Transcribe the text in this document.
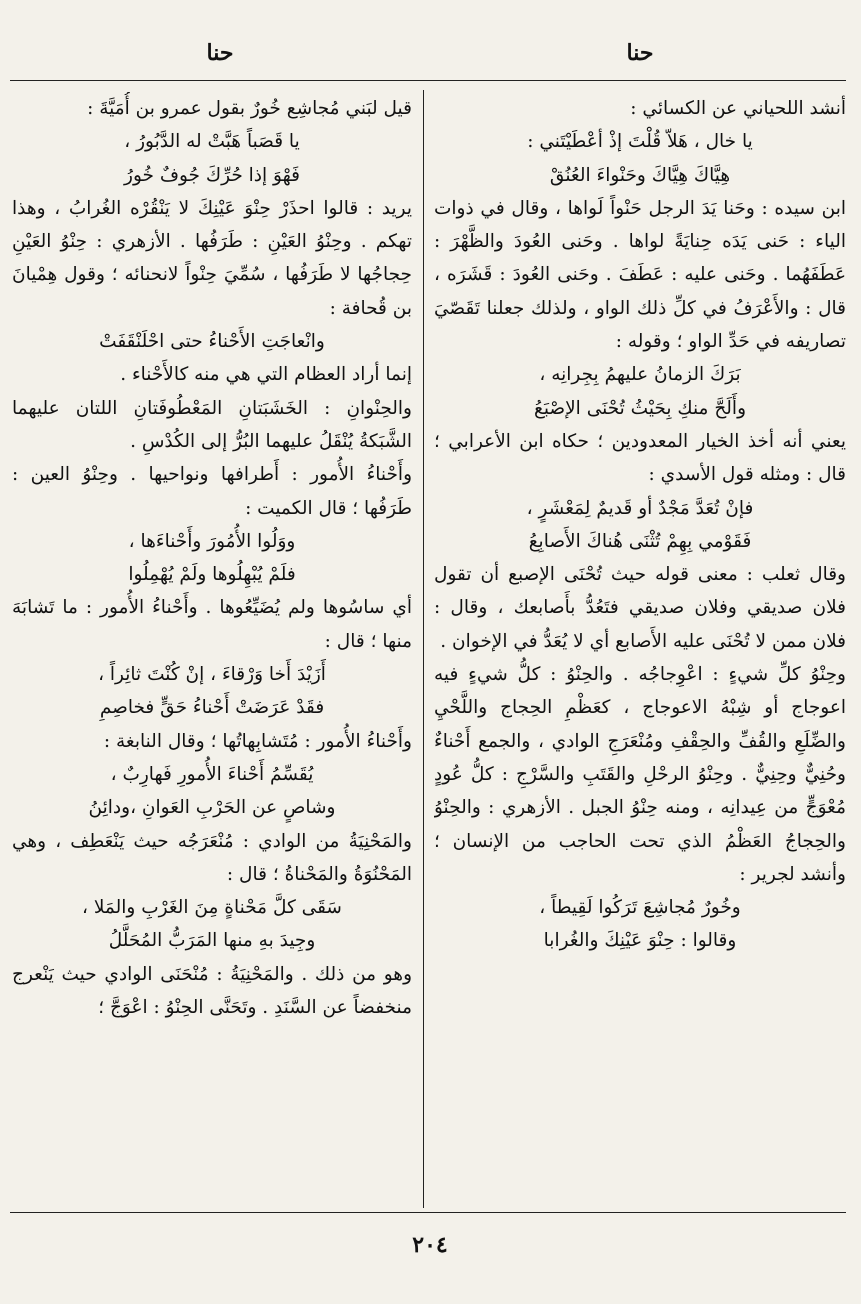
حنا
حنا

أنشد اللحياني عن الكسائي :

يا خال ، هَلاّ قُلْتَ إذْ أعْطَيْتَني :

هِيَّاكَ هِيَّاكَ وحَنْواءَ العُنُقْ

ابن سيده : وحَنا يَدَ الرجل حَنْواً لَواها ، وقال في ذوات الياء : حَنى يَدَه حِنايَةً لواها . وحَنى العُودَ والظَّهْرَ : عَطَفَهُما . وحَنى عليه : عَطَفَ . وحَنى العُودَ : قَشَرَه ، قال : والأَعْرَفُ في كلِّ ذلك الواو ، ولذلك جعلنا تَقَصّيَ تصاريفه في حَدِّ الواو ؛ وقوله :

بَرَكَ الزمانُ عليهمُ بِجِرانِه ،

وأَلَحَّ منكِ بِحَيْثُ تُحْنَى الإصْبَعُ

يعني أنه أخذ الخيار المعدودين ؛ حكاه ابن الأعرابي ؛ قال : ومثله قول الأسدي :

فإنْ تُعَدَّ مَجْدٌ أو قَديمٌ لِمَعْشَرٍ ،

فَقَوْمي بِهِمْ تُثْنَى هُناكَ الأَصابِعُ

وقال ثعلب : معنى قوله حيث تُحْنَى الإصبع أن تقول فلان صديقي وفلان صديقي فتَعُدُّ بأَصابعك ، وقال : فلان ممن لا تُحْنَى عليه الأَصابع أي لا يُعَدُّ في الإخوان .

وحِنْوُ كلِّ شيءٍ : اعْوِجاجُه . والحِنْوُ : كلُّ شيءٍ فيه اعوجاج أو شِبْهُ الاعوجاج ، كعَظْمِ الحِجاج واللَّحْيِ والضِّلَعِ والقُفِّ والحِقْفِ ومُنْعَرَجِ الوادي ، والجمع أَحْناءٌ وحُنِيٌّ وحِنِيٌّ . وحِنْوُ الرحْلِ والقَتَبِ والسَّرْجِ : كلُّ عُودٍ مُعْوَجٍّ من عِيدانِه ، ومنه حِنْوُ الجبل . الأزهري : والحِنْوُ والحِجاجُ العَظْمُ الذي تحت الحاجب من الإنسان ؛ وأنشد لجرير :

وخُورٌ مُجاشِعَ تَرَكُوا لَقِيطاً ،

وقالوا : حِنْوَ عَيْنِكَ والغُرابا

قيل لبَني مُجاشِع خُورٌ بقول عمرو بن أُمَيَّةَ :

يا قَصَباً هَبَّتْ له الدَّبُورُ ،

فَهْوَ إذا حُرِّكَ جُوفٌ خُورُ

يريد : قالوا احذَرْ حِنْوَ عَيْنِكَ لا يَنْقُرْه الغُرابُ ، وهذا تهكم . وحِنْوُ العَيْنِ : طَرَفُها . الأزهري : حِنْوُ العَيْنِ حِجاجُها لا طَرَفُها ، سُمِّيَ حِنْواً لانحنائه ؛ وقول هِمْيانَ بن قُحافة :

وانْعاجَتِ الأَحْناءُ حتى احْلَنْقَفَتْ

إنما أراد العظام التي هي منه كالأَحْناء .

والحِنْوانِ : الخَشَبَتانِ المَعْطُوفَتانِ اللتان عليهما الشَّبَكةُ يُنْقَلُ عليهما البُرُّ إلى الكُدْسِ .

وأَحْناءُ الأُمور : أَطرافها ونواحيها . وحِنْوُ العين : طَرَفُها ؛ قال الكميت :

ووَلُوا الأُمُورَ وأَحْناءَها ،

فلَمْ يُبْهِلُوها ولَمْ يُهْمِلُوا

أي ساسُوها ولم يُضَيِّعُوها . وأَحْناءُ الأُمور : ما تَشابَهَ منها ؛ قال :

أَزَيْدَ أَخا وَرْقاءَ ، إنْ كُنْتَ ثائِراً ،

فقَدْ عَرَضَتْ أَحْناءُ حَقٍّ فخاصِمِ

وأَحْناءُ الأُمور : مُتَشابِهاتُها ؛ وقال النابغة :

يُقَسِّمُ أَحْناءَ الأُمورِ فَهارِبٌ ،

وشاصٍ عن الحَرْبِ العَوانِ ،ودائِنُ

والمَحْنِيَةُ من الوادي : مُنْعَرَجُه حيث يَنْعَطِف ، وهي المَحْنُوَةُ والمَحْناةُ ؛ قال :

سَقَى كلَّ مَحْناةٍ مِنَ الغَرْبِ والمَلا ،

وجِيدَ بهِ منها المَرَبُّ المُحَلَّلُ

وهو من ذلك . والمَحْنِيَةُ : مُنْحَنَى الوادي حيث يَنْعرج منخفضاً عن السَّنَدِ . وتَحَنَّى الحِنْوُ : اعْوَجَّ ؛

٢٠٤
